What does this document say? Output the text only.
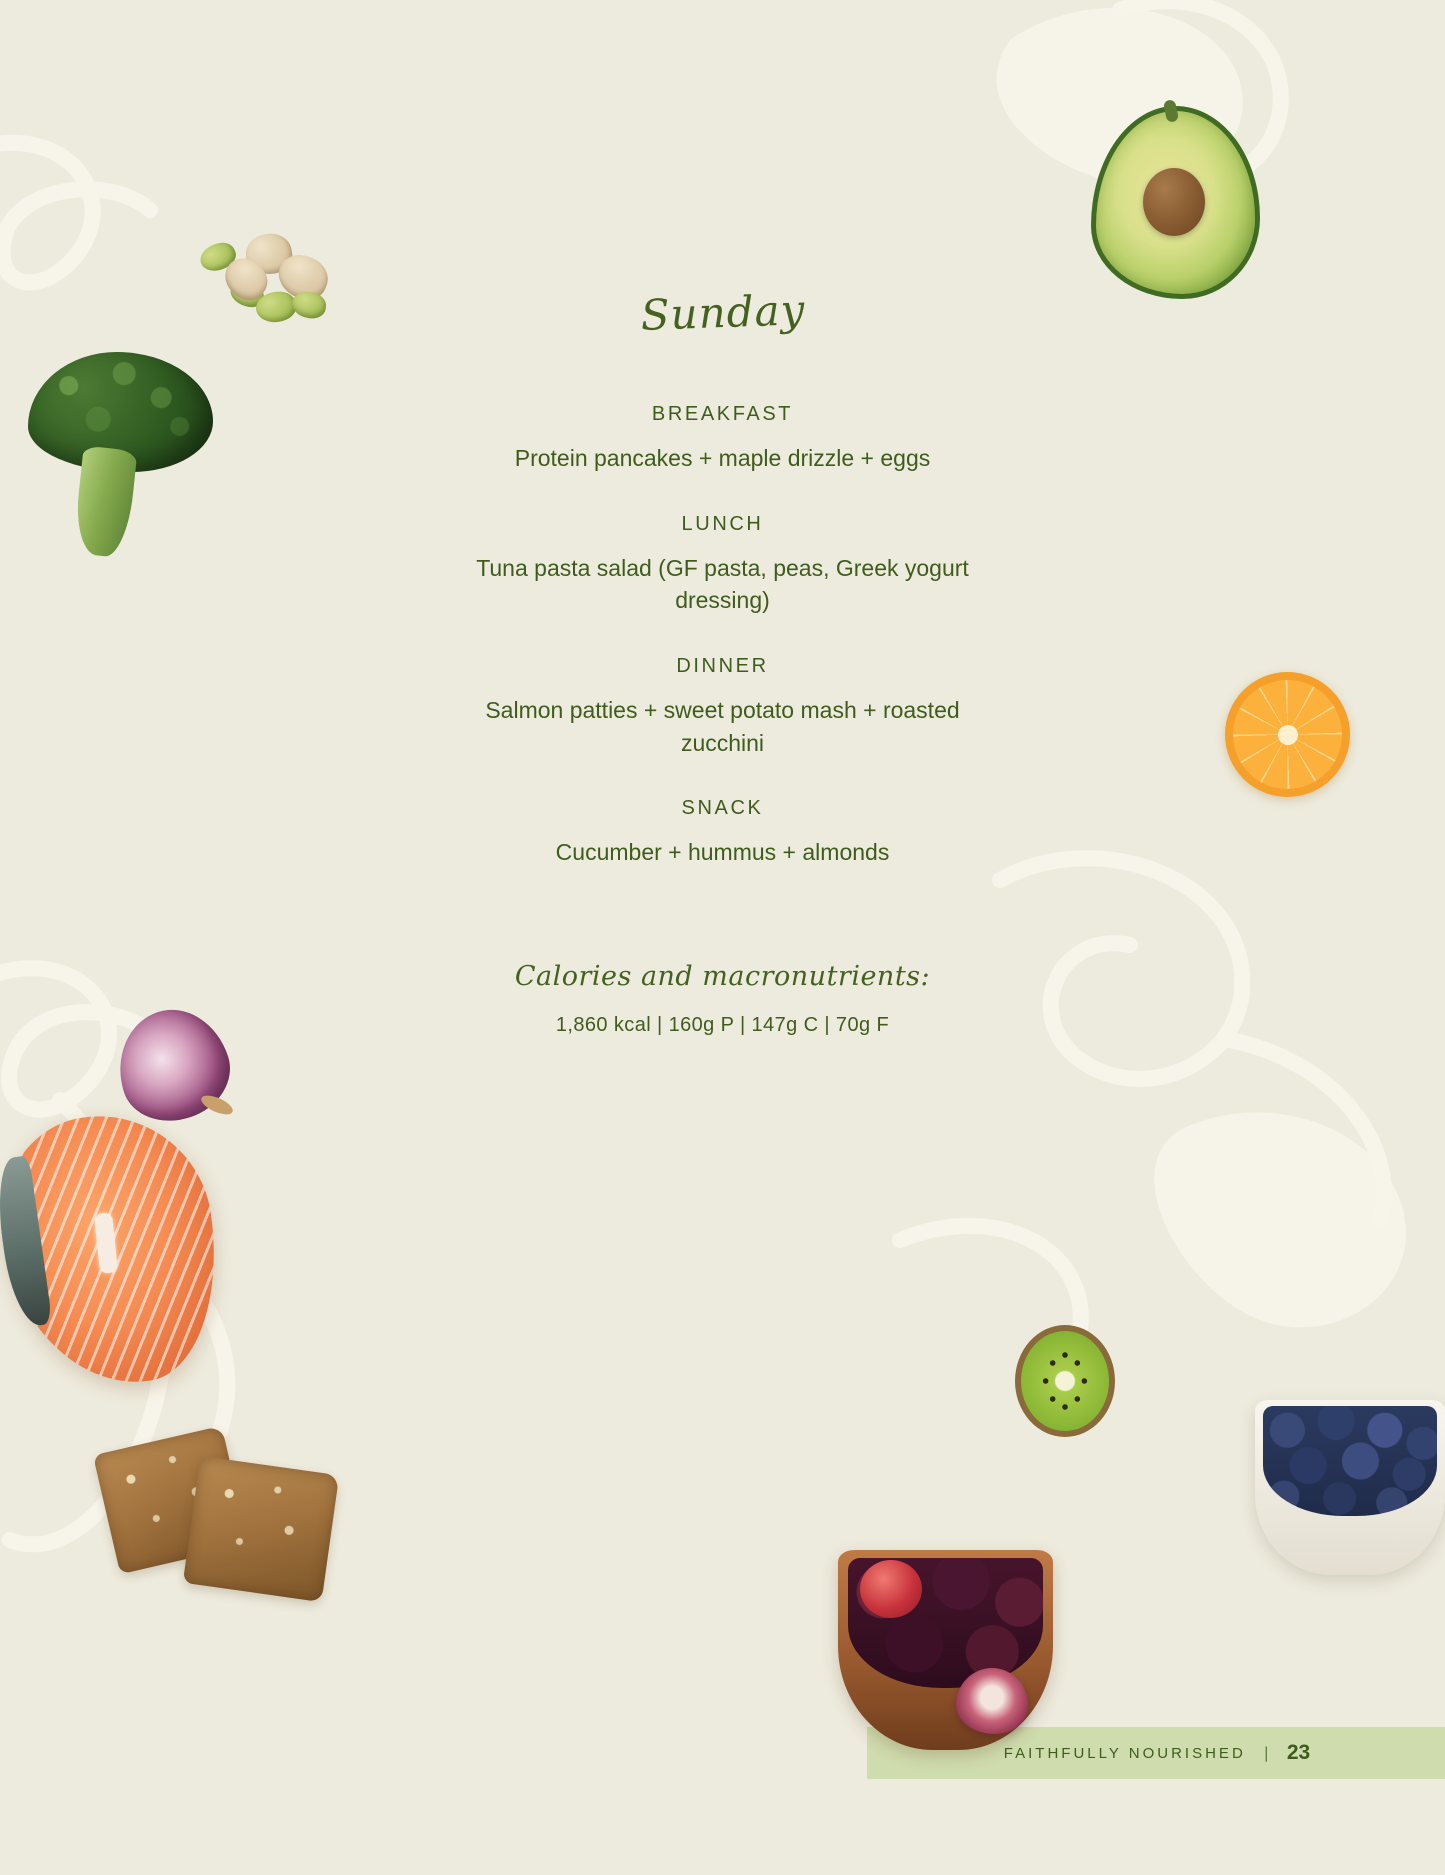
Sunday
BREAKFAST

Protein pancakes + maple drizzle + eggs

LUNCH

Tuna pasta salad (GF pasta, peas, Greek yogurt dressing)

DINNER

Salmon patties + sweet potato mash + roasted zucchini

SNACK

Cucumber + hummus + almonds

Calories and macronutrients:

1,860 kcal | 160g P | 147g C | 70g F

FAITHFULLY NOURISHED | 23
